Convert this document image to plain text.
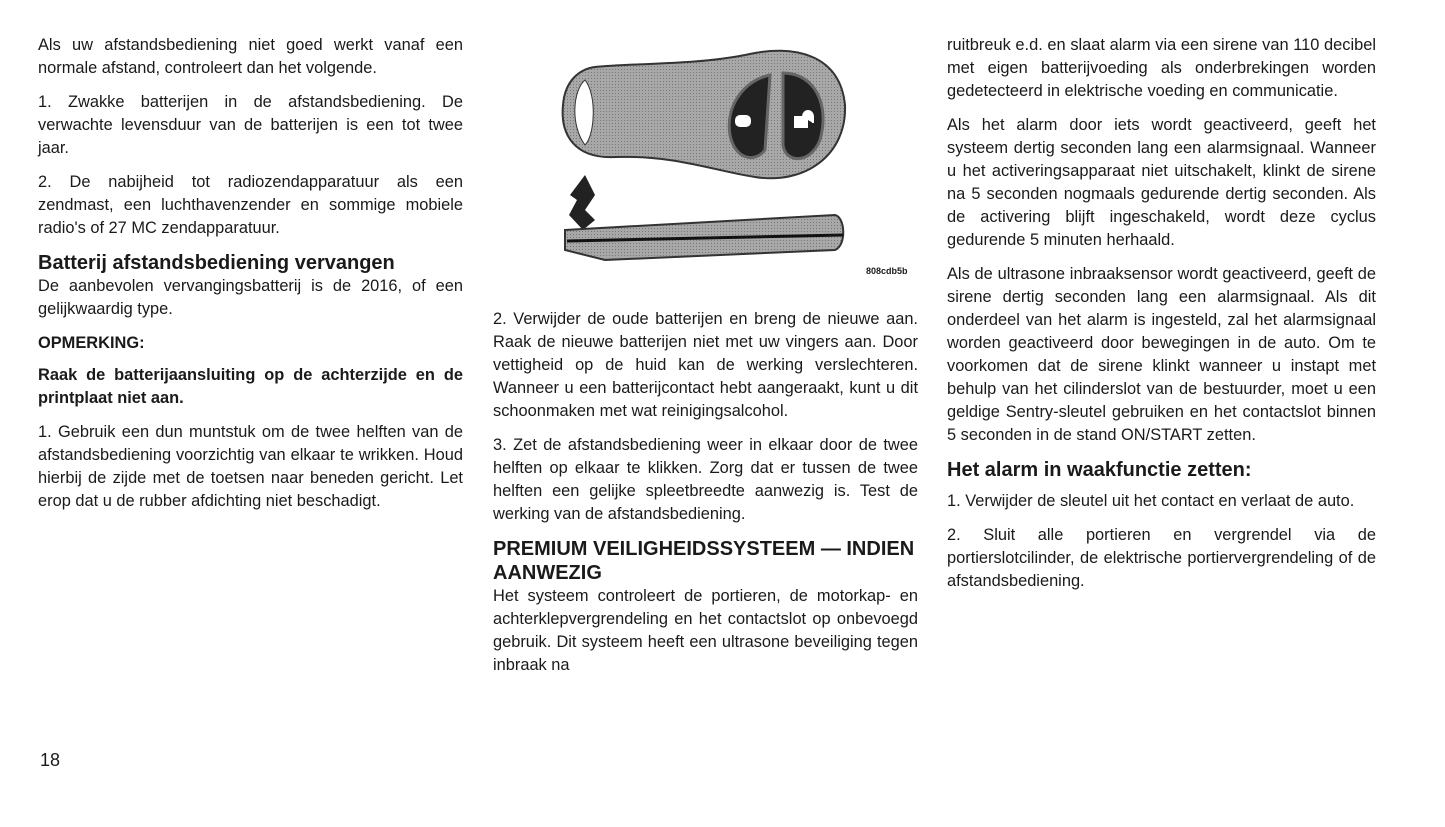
Als uw afstandsbediening niet goed werkt vanaf een normale afstand, controleert dan het volgende.

1. Zwakke batterijen in de afstandsbediening. De verwachte levensduur van de batterijen is een tot twee jaar.

2. De nabijheid tot radiozendapparatuur als een zendmast, een luchthavenzender en sommige mobiele radio's of 27 MC zendapparatuur.

Batterij afstandsbediening vervangen

De aanbevolen vervangingsbatterij is de 2016, of een gelijkwaardig type.

OPMERKING:

Raak de batterijaansluiting op de achterzijde en de printplaat niet aan.

1. Gebruik een dun muntstuk om de twee helften van de afstandsbediening voorzichtig van elkaar te wrikken. Houd hierbij de zijde met de toetsen naar beneden gericht. Let erop dat u de rubber afdichting niet beschadigt.

808cdb5b

2. Verwijder de oude batterijen en breng de nieuwe aan. Raak de nieuwe batterijen niet met uw vingers aan. Door vettigheid op de huid kan de werking verslechteren. Wanneer u een batterijcontact hebt aangeraakt, kunt u dit schoonmaken met wat reinigingsalcohol.

3. Zet de afstandsbediening weer in elkaar door de twee helften op elkaar te klikken. Zorg dat er tussen de twee helften een gelijke spleetbreedte aanwezig is. Test de werking van de afstandsbediening.

PREMIUM VEILIGHEIDSSYSTEEM — INDIEN AANWEZIG

Het systeem controleert de portieren, de motorkap- en achterklepvergrendeling en het contactslot op onbevoegd gebruik. Dit systeem heeft een ultrasone beveiliging tegen inbraak na

ruitbreuk e.d. en slaat alarm via een sirene van 110 decibel met eigen batterijvoeding als onderbrekingen worden gedetecteerd in elektrische voeding en communicatie.

Als het alarm door iets wordt geactiveerd, geeft het systeem dertig seconden lang een alarmsignaal. Wanneer u het activeringsapparaat niet uitschakelt, klinkt de sirene na 5 seconden nogmaals gedurende dertig seconden. Als de activering blijft ingeschakeld, wordt deze cyclus gedurende 5 minuten herhaald.

Als de ultrasone inbraaksensor wordt geactiveerd, geeft de sirene dertig seconden lang een alarmsignaal. Als dit onderdeel van het alarm is ingesteld, zal het alarmsignaal worden geactiveerd door bewegingen in de auto. Om te voorkomen dat de sirene klinkt wanneer u instapt met behulp van het cilinderslot van de bestuurder, moet u een geldige Sentry-sleutel gebruiken en het contactslot binnen 5 seconden in de stand ON/START zetten.

Het alarm in waakfunctie zetten:

1. Verwijder de sleutel uit het contact en verlaat de auto.

2. Sluit alle portieren en vergrendel via de portierslotcilinder, de elektrische portiervergrendeling of de afstandsbediening.

18
